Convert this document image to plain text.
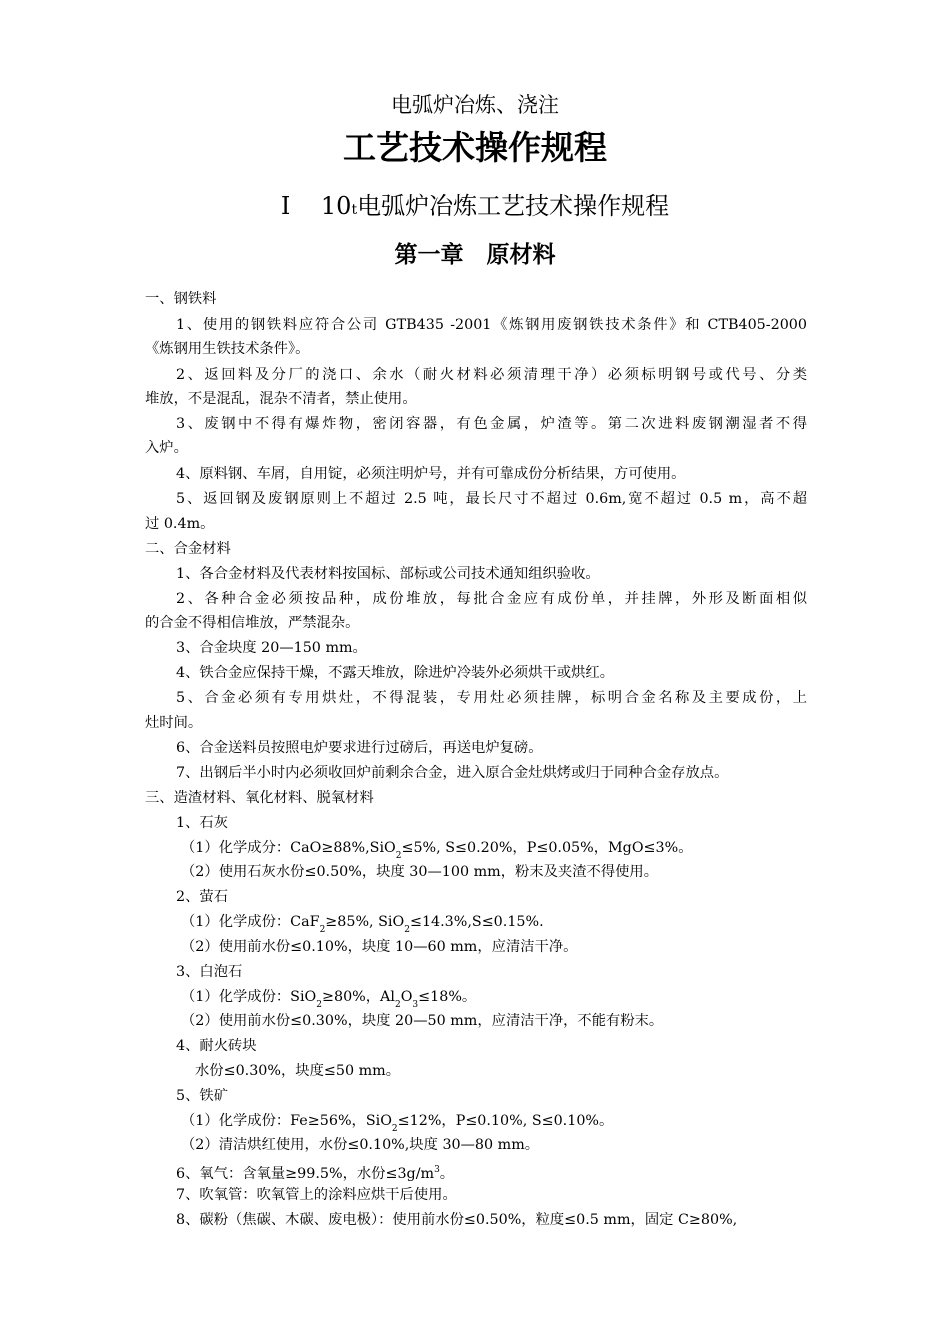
电弧炉冶炼、浇注
工艺技术操作规程
I 10t电弧炉冶炼工艺技术操作规程
第一章　原材料
一、钢铁料
1、使用的钢铁料应符合公司 GTB435 -2001《炼钢用废钢铁技术条件》和 CTB405-2000
《炼钢用生铁技术条件》。
2、返回料及分厂的浇口、余水（耐火材料必须清理干净）必须标明钢号或代号、分类
堆放，不是混乱，混杂不清者，禁止使用。
3、废钢中不得有爆炸物，密闭容器，有色金属，炉渣等。第二次进料废钢潮湿者不得
入炉。
4、原料钢、车屑，自用锭，必须注明炉号，并有可靠成份分析结果，方可使用。
5、返回钢及废钢原则上不超过 2.5 吨，最长尺寸不超过 0.6m,宽不超过 0.5 m，高不超
过 0.4m。
二、合金材料
1、各合金材料及代表材料按国标、部标或公司技术通知组织验收。
2、各种合金必须按品种，成份堆放，每批合金应有成份单，并挂牌，外形及断面相似
的合金不得相信堆放，严禁混杂。
3、合金块度 20—150 mm。
4、铁合金应保持干燥，不露天堆放，除进炉冷装外必须烘干或烘红。
5、合金必须有专用烘灶，不得混装，专用灶必须挂牌，标明合金名称及主要成份，上
灶时间。
6、合金送料员按照电炉要求进行过磅后，再送电炉复磅。
7、出钢后半小时内必须收回炉前剩余合金，进入原合金灶烘烤或归于同种合金存放点。
三、造渣材料、氧化材料、脱氧材料
1、石灰
（1）化学成分：CaO≥88%,SiO$_2$≤5%, S≤0.20%，P≤0.05%，MgO≤3%。
（2）使用石灰水份≤0.50%，块度 30—100 mm，粉末及夹渣不得使用。
2、萤石
（1）化学成份：CaF$_2$≥85%, SiO$_2$≤14.3%,S≤0.15%.
（2）使用前水份≤0.10%，块度 10—60 mm，应清洁干净。
3、白泡石
（1）化学成份：SiO$_2$≥80%，$Al_2O_3\le 18\%$。
（2）使用前水份≤0.30%，块度 20—50 mm，应清洁干净，不能有粉末。
4、耐火砖块
水份≤0.30%，块度≤50 mm。
5、铁矿
（1）化学成份：Fe≥56%，SiO$_2$≤12%，P≤0.10%, S≤0.10%。
（2）清洁烘红使用，水份≤0.10%,块度 30—80 mm。
6、氧气：含氧量≥99.5%，水份$\le 3g/m^3$。
7、吹氧管：吹氧管上的涂料应烘干后使用。
8、碳粉（焦碳、木碳、废电极）：使用前水份≤0.50%，粒度≤0.5 mm，固定 C≥80%,
